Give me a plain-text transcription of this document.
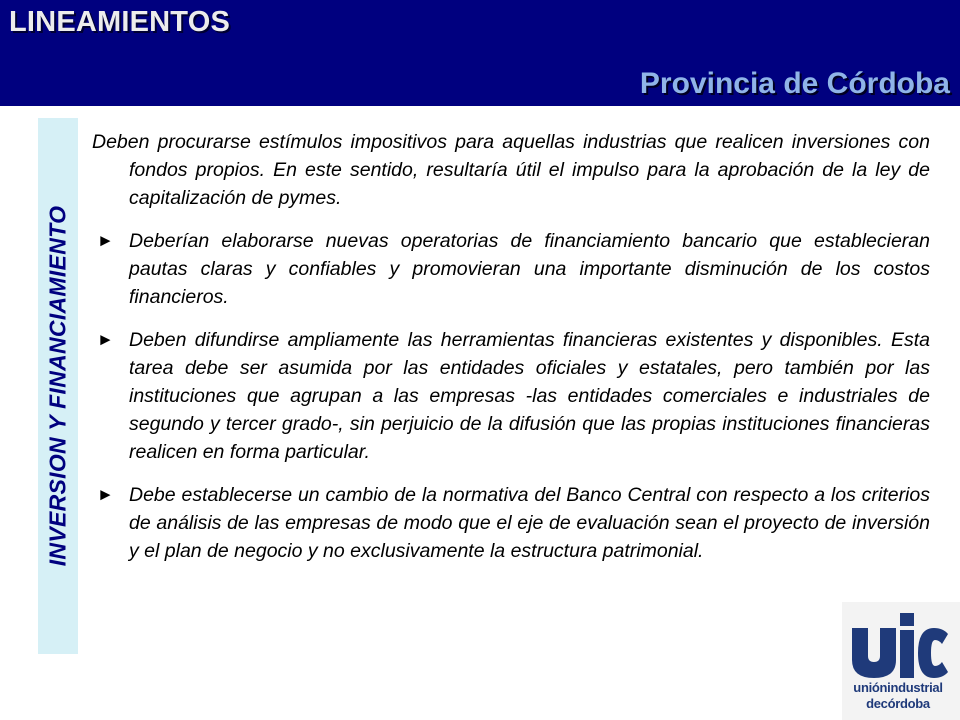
LINEAMIENTOS
Provincia de Córdoba
INVERSION Y FINANCIAMIENTO
Deben procurarse estímulos impositivos para aquellas industrias que realicen inversiones con fondos propios. En este sentido, resultaría útil el impulso para la aprobación de la ley de capitalización de pymes.
► Deberían elaborarse nuevas operatorias de financiamiento bancario que establecieran pautas claras y confiables y promovieran una importante disminución de los costos financieros.
► Deben difundirse ampliamente las herramientas financieras existentes y disponibles. Esta tarea debe ser asumida por las entidades oficiales y estatales, pero también por las instituciones que agrupan a las empresas -las entidades comerciales e industriales de segundo y tercer grado-, sin perjuicio de la difusión que las propias instituciones financieras realicen en forma particular.
► Debe establecerse un cambio de la normativa del Banco Central con respecto a los criterios de análisis de las empresas de modo que el eje de evaluación sean el proyecto de inversión y el plan de negocio y no exclusivamente la estructura patrimonial.
uniónindustrial
decórdoba
